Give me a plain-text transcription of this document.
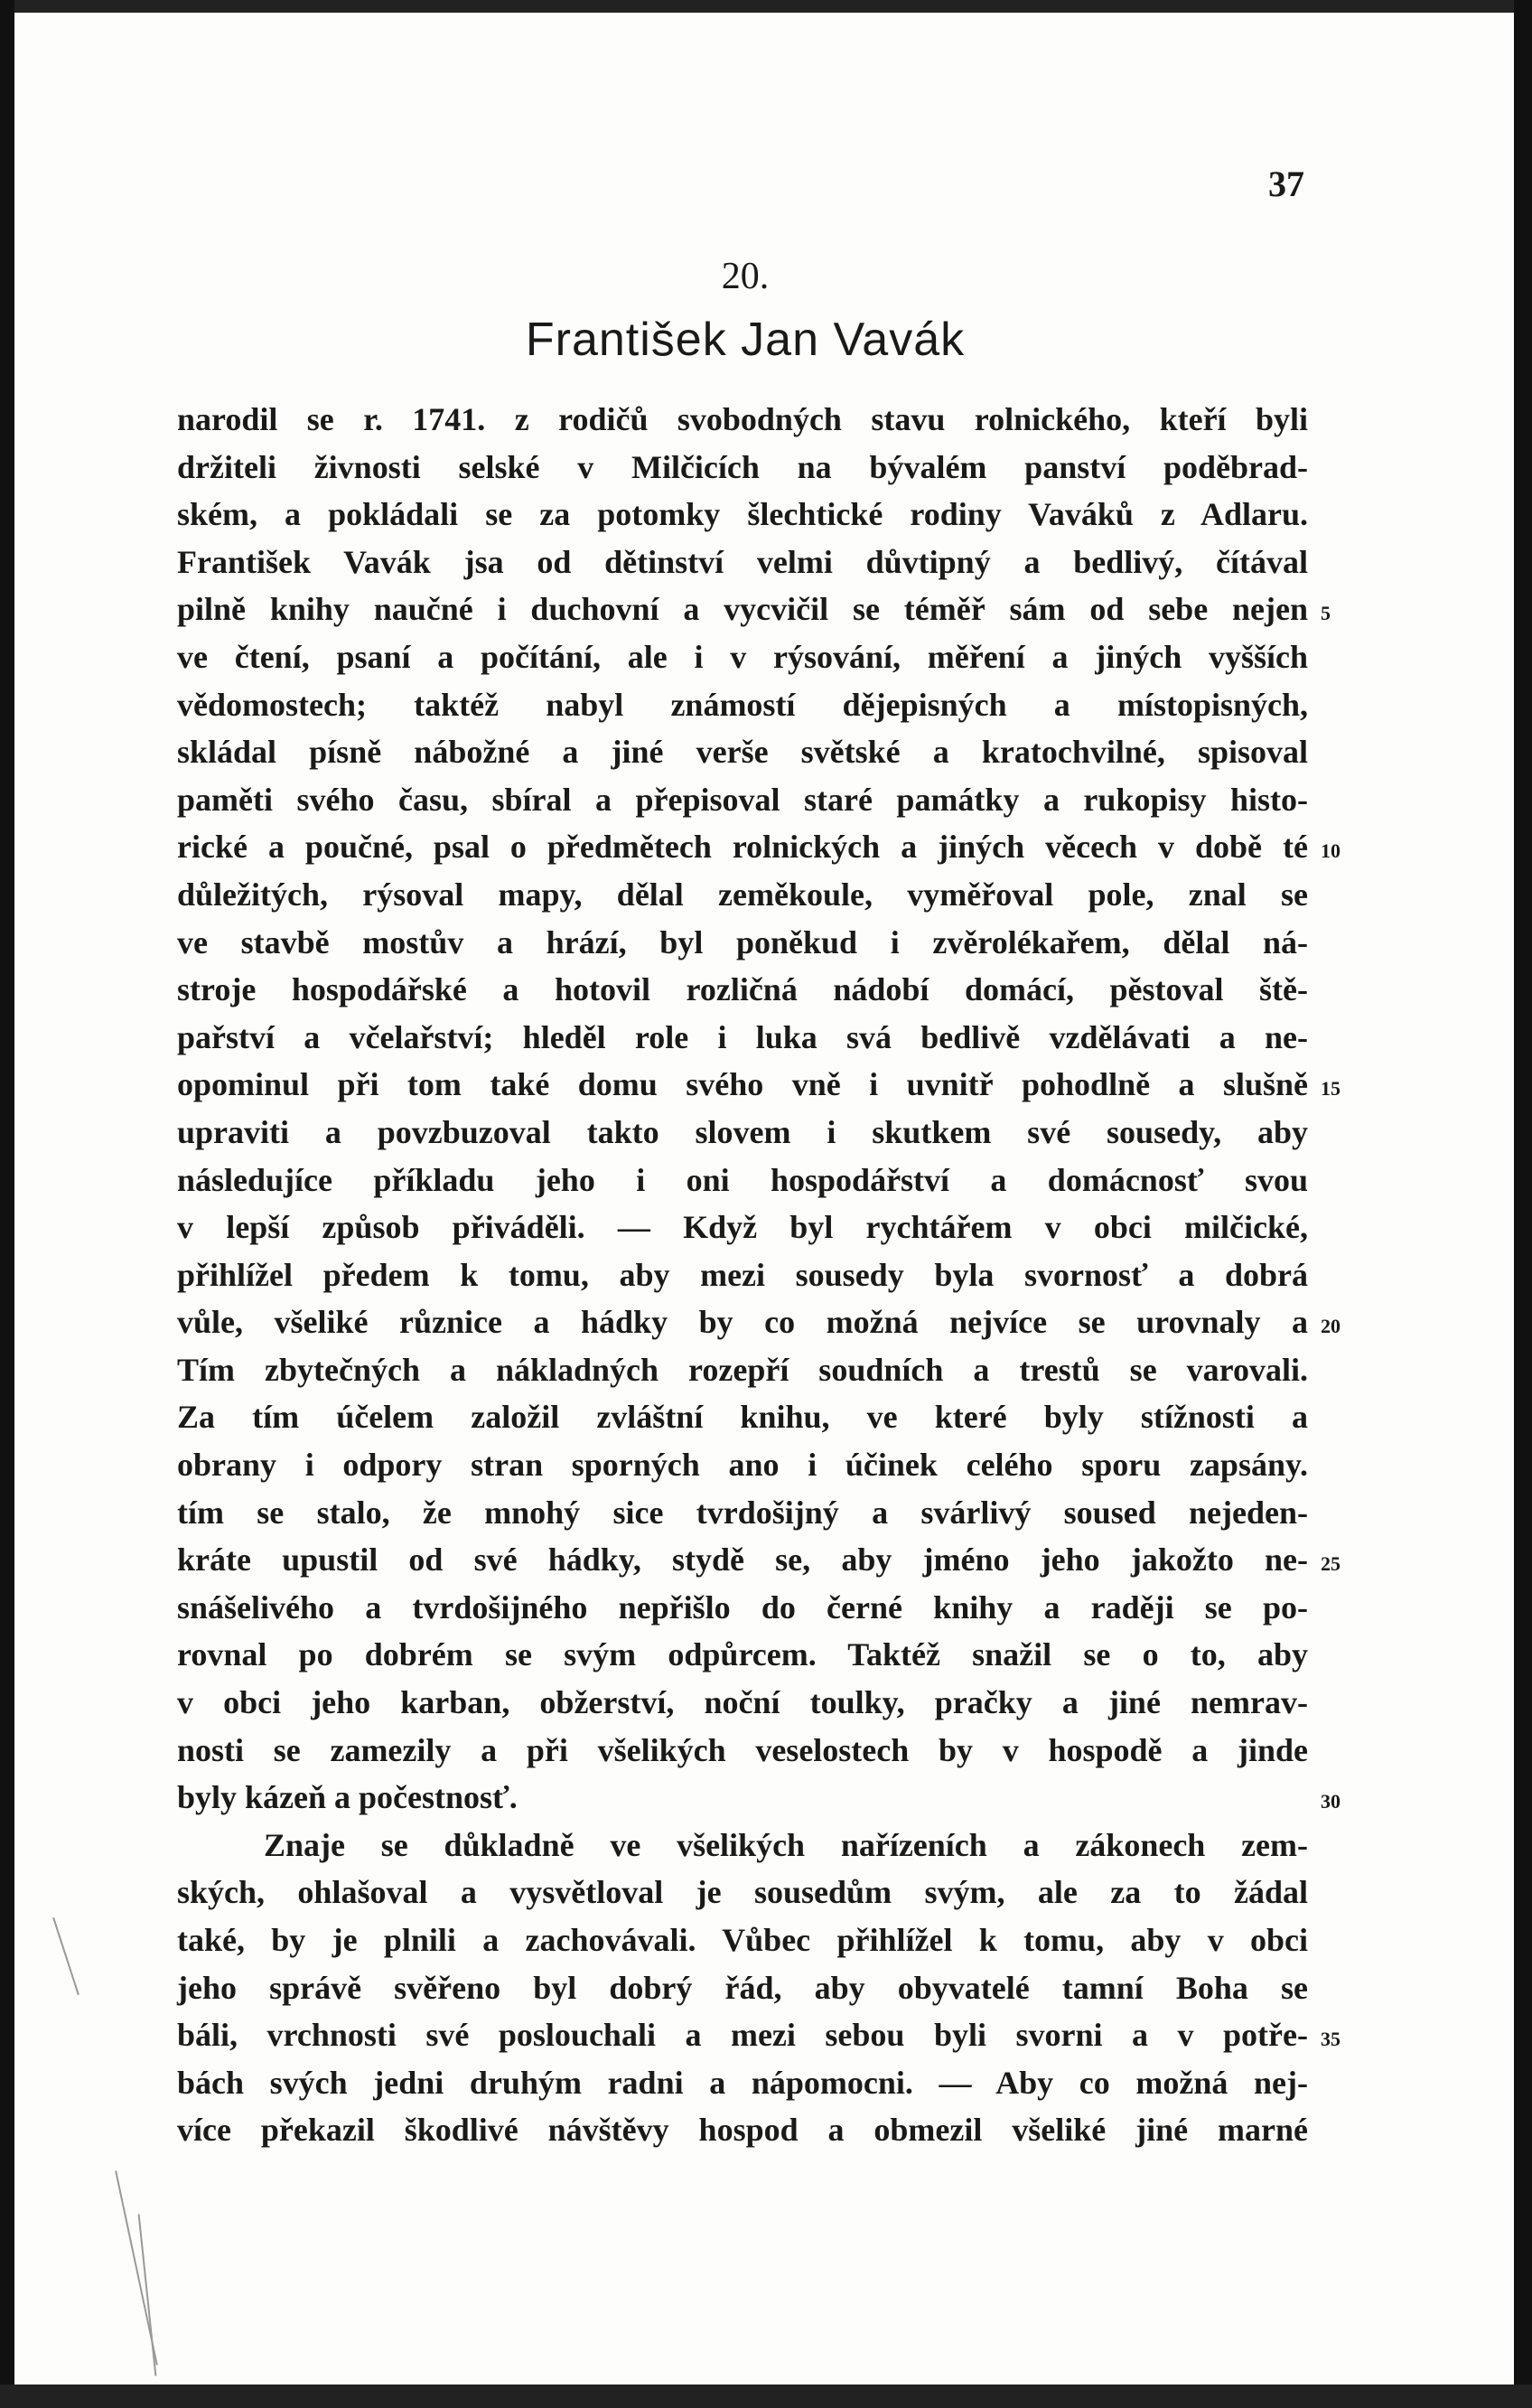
37
20.
František Jan Vavák
narodil se r. 1741. z rodičů svobodných stavu rolnického, kteří byli
držiteli živnosti selské v Milčicích na bývalém panství poděbrad-
ském, a pokládali se za potomky šlechtické rodiny Vaváků z Adlaru.
František Vavák jsa od dětinství velmi důvtipný a bedlivý, čítával
pilně knihy naučné i duchovní a vycvičil se téměř sám od sebe nejen
ve čtení, psaní a počítání, ale i v rýsování, měření a jiných vyšších
vědomostech; taktéž nabyl známostí dějepisných a místopisných,
skládal písně nábožné a jiné verše světské a kratochvilné, spisoval
paměti svého času, sbíral a přepisoval staré památky a rukopisy histo-
rické a poučné, psal o předmětech rolnických a jiných věcech v době té
důležitých, rýsoval mapy, dělal zeměkoule, vyměřoval pole, znal se
ve stavbě mostův a hrází, byl poněkud i zvěrolékařem, dělal ná-
stroje hospodářské a hotovil rozličná nádobí domácí, pěstoval ště-
pařství a včelařství; hleděl role i luka svá bedlivě vzdělávati a ne-
opominul při tom také domu svého vně i uvnitř pohodlně a slušně
upraviti a povzbuzoval takto slovem i skutkem své sousedy, aby
následujíce příkladu jeho i oni hospodářství a domácnosť svou
v lepší způsob přiváděli. — Když byl rychtářem v obci milčické,
přihlížel předem k tomu, aby mezi sousedy byla svornosť a dobrá
vůle, všeliké různice a hádky by co možná nejvíce se urovnaly a
Tím zbytečných a nákladných rozepří soudních a trestů se varovali.
Za tím účelem založil zvláštní knihu, ve které byly stížnosti a
obrany i odpory stran sporných ano i účinek celého sporu zapsány.
tím se stalo, že mnohý sice tvrdošijný a svárlivý soused nejeden-
kráte upustil od své hádky, stydě se, aby jméno jeho jakožto ne-
snášelivého a tvrdošijného nepřišlo do černé knihy a raději se po-
rovnal po dobrém se svým odpůrcem. Taktéž snažil se o to, aby
v obci jeho karban, obžerství, noční toulky, pračky a jiné nemrav-
nosti se zamezily a při všelikých veselostech by v hospodě a jinde
byly kázeň a počestnosť.
Znaje se důkladně ve všelikých nařízeních a zákonech zem-
ských, ohlašoval a vysvětloval je sousedům svým, ale za to žádal
také, by je plnili a zachovávali. Vůbec přihlížel k tomu, aby v obci
jeho správě svěřeno byl dobrý řád, aby obyvatelé tamní Boha se
báli, vrchnosti své poslouchali a mezi sebou byli svorni a v potře-
bách svých jedni druhým radni a nápomocni. — Aby co možná nej-
více překazil škodlivé návštěvy hospod a obmezil všeliké jiné marné
5
10
15
20
25
30
35
